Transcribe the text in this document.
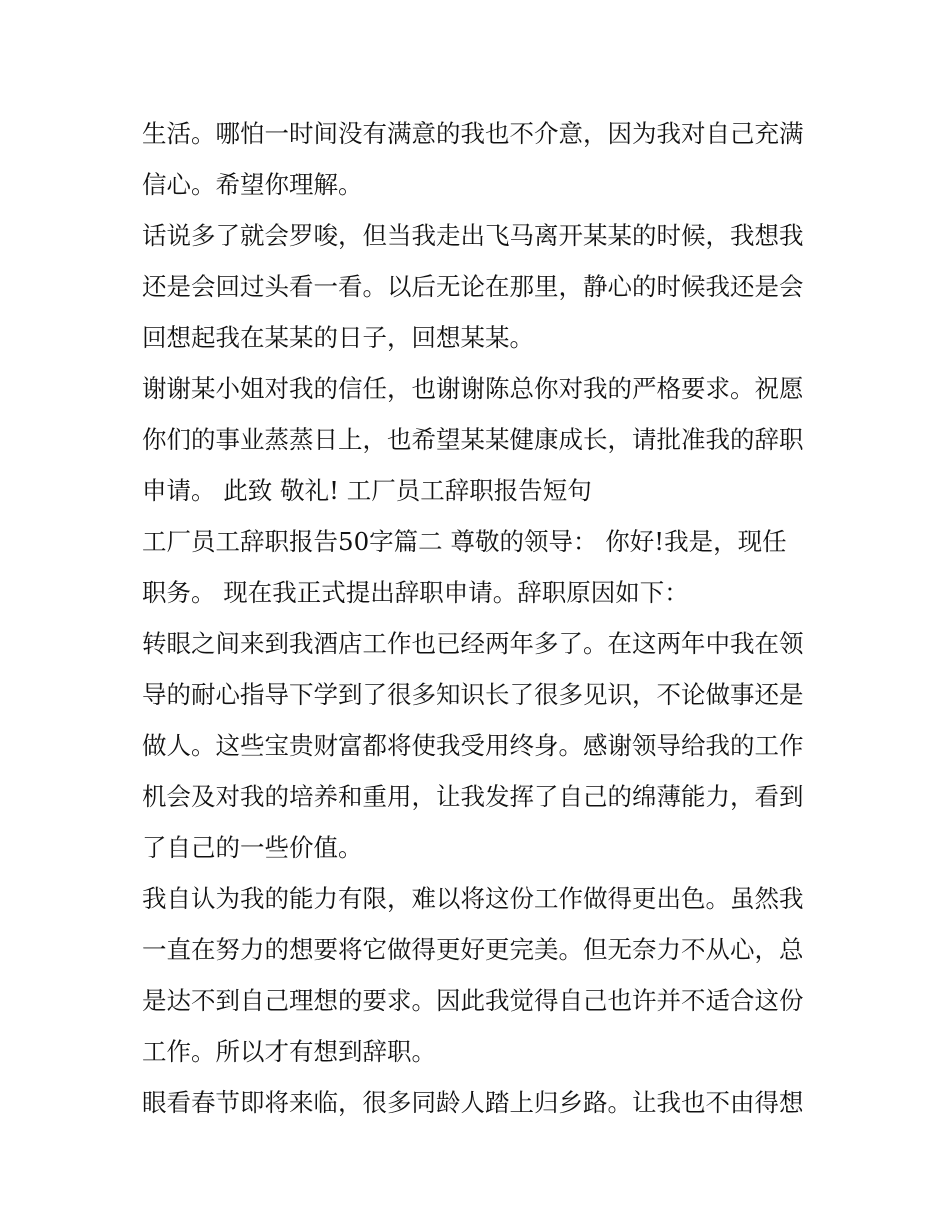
生活。哪怕一时间没有满意的我也不介意，因为我对自己充满
信心。希望你理解。
话说多了就会罗唆，但当我走出飞马离开某某的时候，我想我
还是会回过头看一看。以后无论在那里，静心的时候我还是会
回想起我在某某的日子，回想某某。
谢谢某小姐对我的信任，也谢谢陈总你对我的严格要求。祝愿
你们的事业蒸蒸日上，也希望某某健康成长，请批准我的辞职
申请。 此致 敬礼! 工厂员工辞职报告短句
工厂员工辞职报告50字篇二 尊敬的领导： 你好!我是，现任
职务。 现在我正式提出辞职申请。辞职原因如下：
转眼之间来到我酒店工作也已经两年多了。在这两年中我在领
导的耐心指导下学到了很多知识长了很多见识，不论做事还是
做人。这些宝贵财富都将使我受用终身。感谢领导给我的工作
机会及对我的培养和重用，让我发挥了自己的绵薄能力，看到
了自己的一些价值。
我自认为我的能力有限，难以将这份工作做得更出色。虽然我
一直在努力的想要将它做得更好更完美。但无奈力不从心，总
是达不到自己理想的要求。因此我觉得自己也许并不适合这份
工作。所以才有想到辞职。
眼看春节即将来临，很多同龄人踏上归乡路。让我也不由得想
